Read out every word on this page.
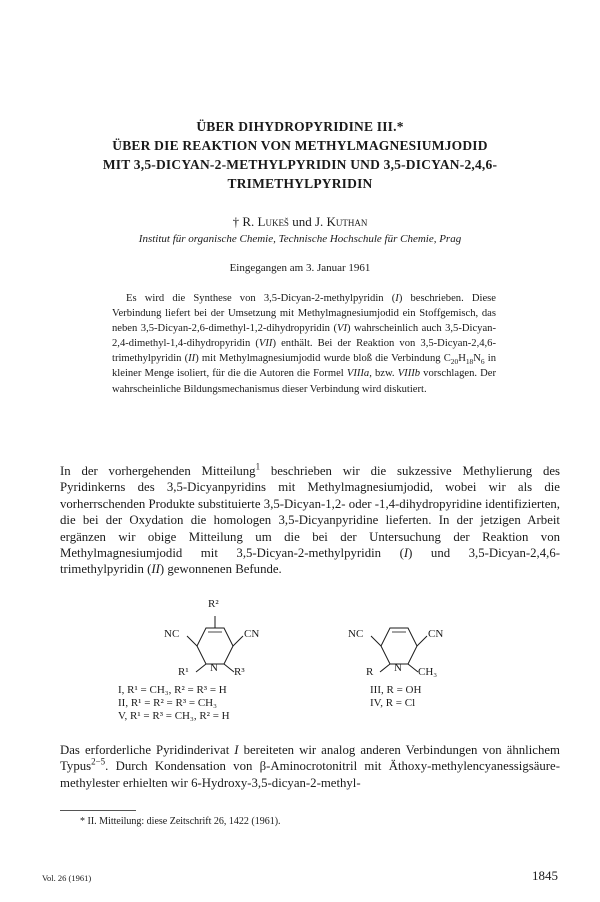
ÜBER DIHYDROPYRIDINE III.*
ÜBER DIE REAKTION VON METHYLMAGNESIUMJODID
MIT 3,5-DICYAN-2-METHYLPYRIDIN UND 3,5-DICYAN-2,4,6-
TRIMETHYLPYRIDIN
† R. Lukeš und J. Kuthan
Institut für organische Chemie, Technische Hochschule für Chemie, Prag
Eingegangen am 3. Januar 1961

Es wird die Synthese von 3,5-Dicyan-2-methylpyridin (I) beschrieben. Diese Verbindung liefert bei der Umsetzung mit Methylmagnesiumjodid ein Stoffgemisch, das neben 3,5-Dicyan-2,6-dimethyl-1,2-dihydropyridin (VI) wahrscheinlich auch 3,5-Dicyan-2,4-dimethyl-1,4-dihydropyridin (VII) enthält. Bei der Reaktion von 3,5-Dicyan-2,4,6-trimethylpyridin (II) mit Methylmagnesiumjodid wurde bloß die Verbindung $C_{20}H_{18}N_6$ in kleiner Menge isoliert, für die die Autoren die Formel VIIIa, bzw. VIIIb vorschlagen. Der wahrscheinliche Bildungsmechanismus dieser Verbindung wird diskutiert.

In der vorhergehenden Mitteilung$^1$ beschrieben wir die sukzessive Methylierung des Pyridinkerns des 3,5-Dicyanpyridins mit Methylmagnesiumjodid, wobei wir als die vorherrschenden Produkte substituierte 3,5-Dicyan-1,2- oder -1,4-dihydropyridine identifizierten, die bei der Oxydation die homologen 3,5-Dicyanpyridine lieferten. In der jetzigen Arbeit ergänzen wir obige Mitteilung um die bei der Untersuchung der Reaktion von Methylmagnesiumjodid mit 3,5-Dicyan-2-methylpyridin (I) und 3,5-Dicyan-2,4,6-trimethylpyridin (II) gewonnenen Befunde.

R²
NC	CN
R¹ N R³
I, R¹ = CH₃, R² = R³ = H
II, R¹ = R² = R³ = CH₃
V, R¹ = R³ = CH₃, R² = H
NC	CN
R N CH₃
III, R = OH
IV, R = Cl

Das erforderliche Pyridinderivat I bereiteten wir analog anderen Verbindungen von ähnlichem Typus$^{2-5}$. Durch Kondensation von β-Aminocrotonitril mit Äthoxy-methylencyanessigsäure-methylester erhielten wir 6-Hydroxy-3,5-dicyan-2-methyl-

* II. Mitteilung: diese Zeitschrift 26, 1422 (1961).
Vol. 26 (1961)	1845
